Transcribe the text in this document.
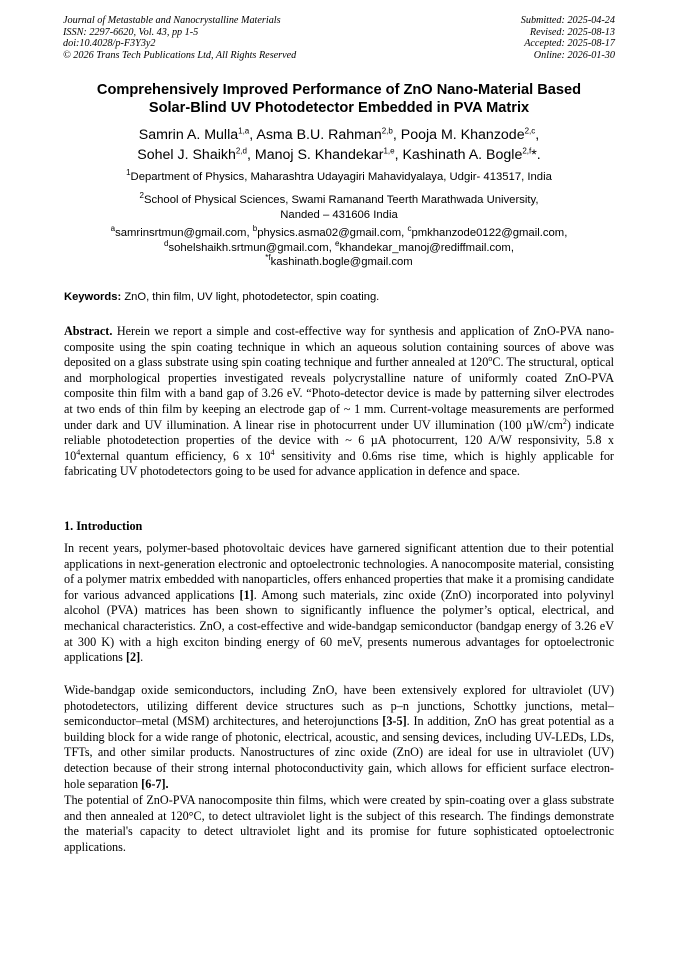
Journal of Metastable and Nanocrystalline Materials
ISSN: 2297-6620, Vol. 43, pp 1-5
doi:10.4028/p-F3Y3y2
© 2026 Trans Tech Publications Ltd, All Rights Reserved
Submitted: 2025-04-24
Revised: 2025-08-13
Accepted: 2025-08-17
Online: 2026-01-30
Comprehensively Improved Performance of ZnO Nano-Material Based
Solar-Blind UV Photodetector Embedded in PVA Matrix
Samrin A. Mulla$^{1,a}$, Asma B.U. Rahman$^{2,b}$, Pooja M. Khanzode$^{2,c}$,
Sohel J. Shaikh$^{2,d}$, Manoj S. Khandekar$^{1,e}$, Kashinath A. Bogle$^{2,f}$*.
$^1$Department of Physics, Maharashtra Udayagiri Mahavidyalaya, Udgir- 413517, India
$^2$School of Physical Sciences, Swami Ramanand Teerth Marathwada University,
Nanded – 431606 India
$^a$samrinsrtmun@gmail.com, $^b$physics.asma02@gmail.com, $^c$pmkhanzode0122@gmail.com,
$^d$sohelshaikh.srtmun@gmail.com, $^e$khandekar_manoj@rediffmail.com,
$^{*f}$kashinath.bogle@gmail.com
Keywords: ZnO, thin film, UV light, photodetector, spin coating.
Abstract. Herein we report a simple and cost-effective way for synthesis and application of ZnO-PVA nano- composite using the spin coating technique in which an aqueous solution containing sources of above was deposited on a glass substrate using spin coating technique and further annealed at 120$^o$C. The structural, optical and morphological properties investigated reveals polycrystalline nature of uniformly coated ZnO-PVA composite thin film with a band gap of 3.26 eV. “Photo-detector device is made by patterning silver electrodes at two ends of thin film by keeping an electrode gap of ~ 1 mm. Current-voltage measurements are performed under dark and UV illumination. A linear rise in photocurrent under UV illumination (100 $\mu W/cm^2$) indicate reliable photodetection properties of the device with ~ 6 µA photocurrent, 120 A/W responsivity, 5.8 x $10^4external$ quantum efficiency, 6 x $10^4$ sensitivity and 0.6ms rise time, which is highly applicable for fabricating UV photodetectors going to be used for advance application in defence and space.
1. Introduction
In recent years, polymer-based photovoltaic devices have garnered significant attention due to their potential applications in next-generation electronic and optoelectronic technologies. A nanocomposite material, consisting of a polymer matrix embedded with nanoparticles, offers enhanced properties that make it a promising candidate for various advanced applications [1]. Among such materials, zinc oxide (ZnO) incorporated into polyvinyl alcohol (PVA) matrices has been shown to significantly influence the polymer’s optical, electrical, and mechanical characteristics. ZnO, a cost-effective and wide-bandgap semiconductor (bandgap energy of 3.26 eV at 300 K) with a high exciton binding energy of 60 meV, presents numerous advantages for optoelectronic applications [2].
Wide-bandgap oxide semiconductors, including ZnO, have been extensively explored for ultraviolet (UV) photodetectors, utilizing different device structures such as p–n junctions, Schottky junctions, metal–semiconductor–metal (MSM) architectures, and heterojunctions [3-5]. In addition, ZnO has great potential as a building block for a wide range of photonic, electrical, acoustic, and sensing devices, including UV-LEDs, LDs, TFTs, and other similar products. Nanostructures of zinc oxide (ZnO) are ideal for use in ultraviolet (UV) detection because of their strong internal photoconductivity gain, which allows for efficient surface electron-hole separation [6-7].
The potential of ZnO-PVA nanocomposite thin films, which were created by spin-coating over a glass substrate and then annealed at 120°C, to detect ultraviolet light is the subject of this research. The findings demonstrate the material's capacity to detect ultraviolet light and its promise for future sophisticated optoelectronic applications.
